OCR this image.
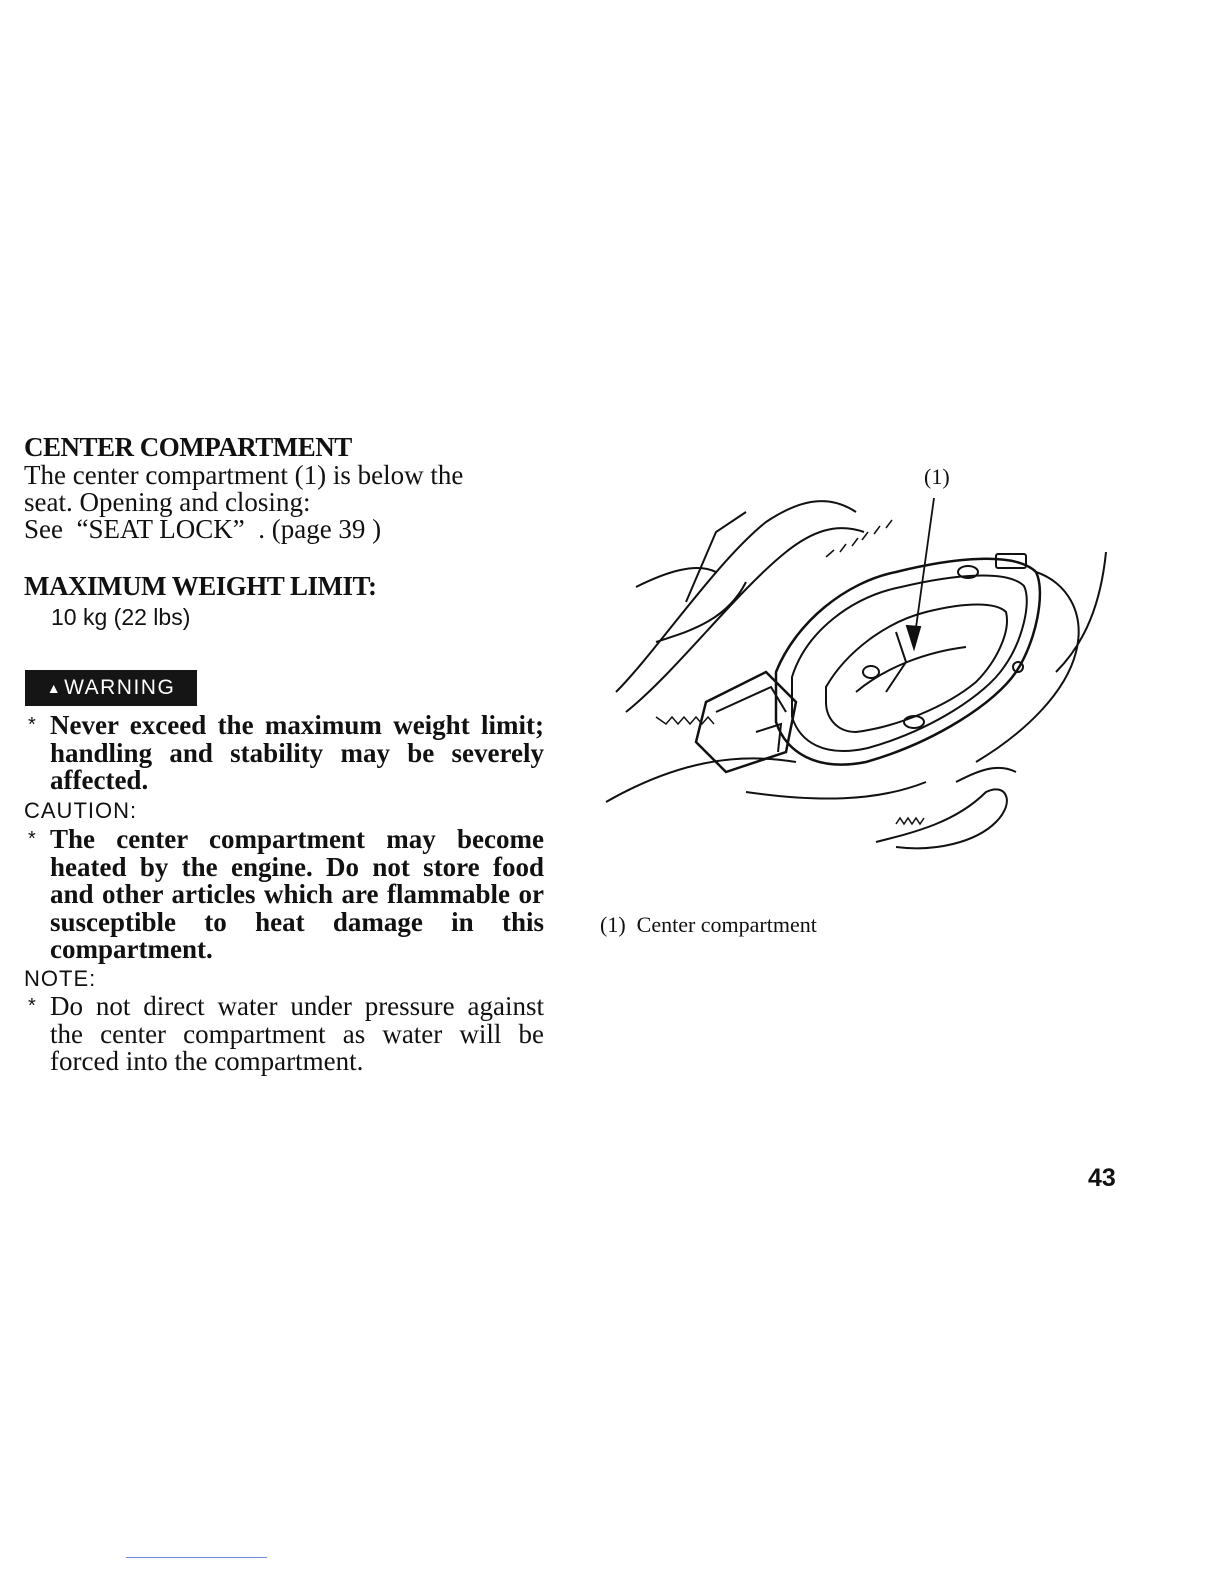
CENTER COMPARTMENT
The center compartment (1) is below the
seat. Opening and closing:
See  “SEAT LOCK”  . (page 39 )
MAXIMUM WEIGHT LIMIT:
10 kg (22 lbs)
▲ WARNING
* Never exceed the maximum weight limit; handling and stability may be severely affected.
CAUTION:
* The center compartment may become heated by the engine. Do not store food and other articles which are flammable or susceptible to heat damage in this compartment.
NOTE:
* Do not direct water under pressure against the center compartment as water will be forced into the compartment.
(1)
(1)  Center compartment
43
